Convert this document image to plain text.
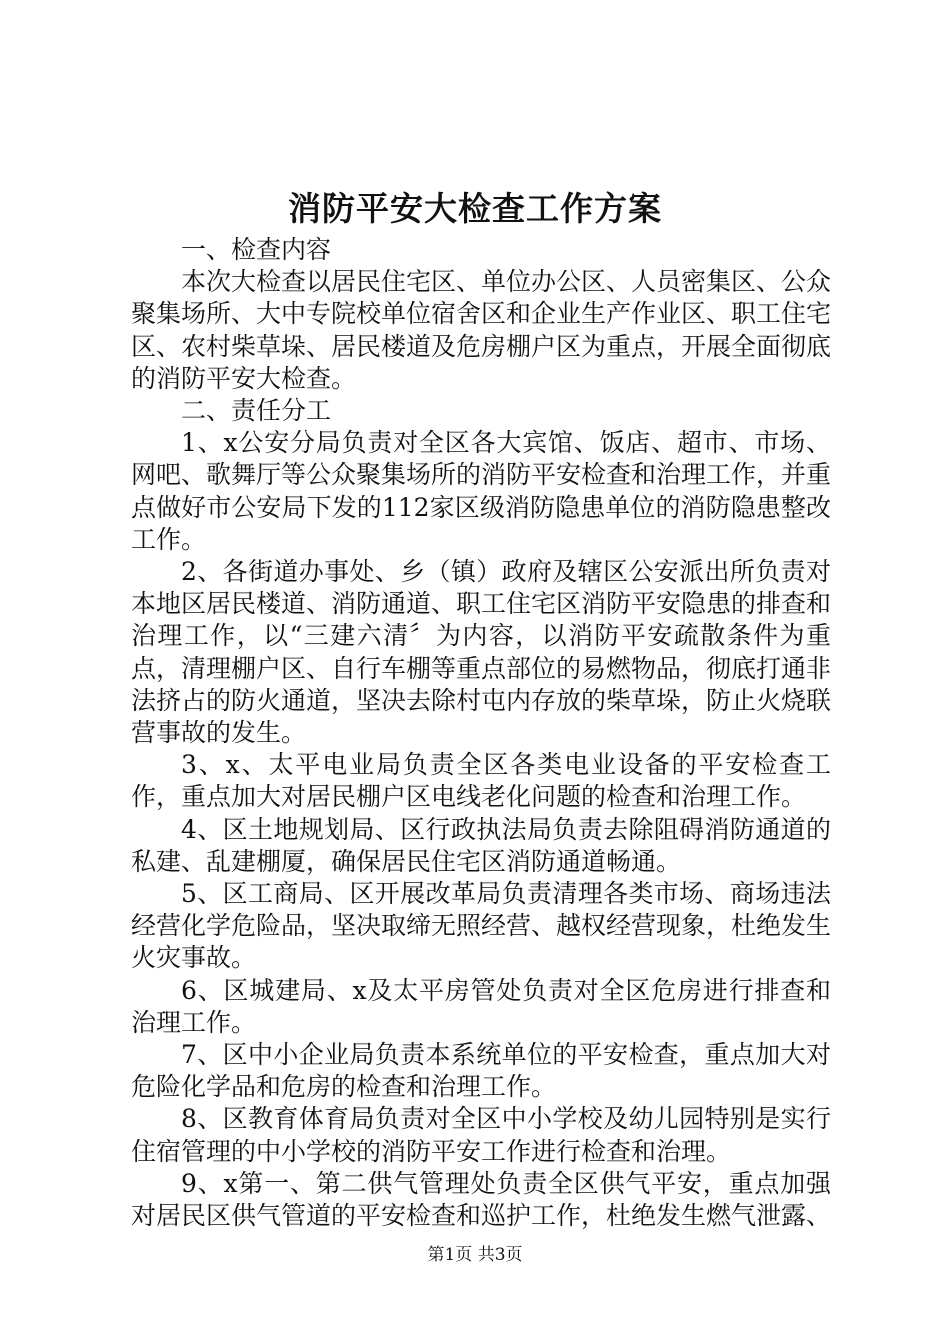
消防平安大检查工作方案

一、检查内容

本次大检查以居民住宅区、单位办公区、人员密集区、公众聚集场所、大中专院校单位宿舍区和企业生产作业区、职工住宅区、农村柴草垛、居民楼道及危房棚户区为重点，开展全面彻底的消防平安大检查。

二、责任分工

1、x公安分局负责对全区各大宾馆、饭店、超市、市场、网吧、歌舞厅等公众聚集场所的消防平安检查和治理工作，并重点做好市公安局下发的112家区级消防隐患单位的消防隐患整改工作。

2、各街道办事处、乡（镇）政府及辖区公安派出所负责对本地区居民楼道、消防通道、职工住宅区消防平安隐患的排查和治理工作，以“三建六清〞为内容，以消防平安疏散条件为重点，清理棚户区、自行车棚等重点部位的易燃物品，彻底打通非法挤占的防火通道，坚决去除村屯内存放的柴草垛，防止火烧联营事故的发生。

3、x、太平电业局负责全区各类电业设备的平安检查工作，重点加大对居民棚户区电线老化问题的检查和治理工作。

4、区土地规划局、区行政执法局负责去除阻碍消防通道的私建、乱建棚厦，确保居民住宅区消防通道畅通。

5、区工商局、区开展改革局负责清理各类市场、商场违法经营化学危险品，坚决取缔无照经营、越权经营现象，杜绝发生火灾事故。

6、区城建局、x及太平房管处负责对全区危房进行排查和治理工作。

7、区中小企业局负责本系统单位的平安检查，重点加大对危险化学品和危房的检查和治理工作。

8、区教育体育局负责对全区中小学校及幼儿园特别是实行住宿管理的中小学校的消防平安工作进行检查和治理。

9、x第一、第二供气管理处负责全区供气平安，重点加强对居民区供气管道的平安检查和巡护工作，杜绝发生燃气泄露、

第1页 共3页
